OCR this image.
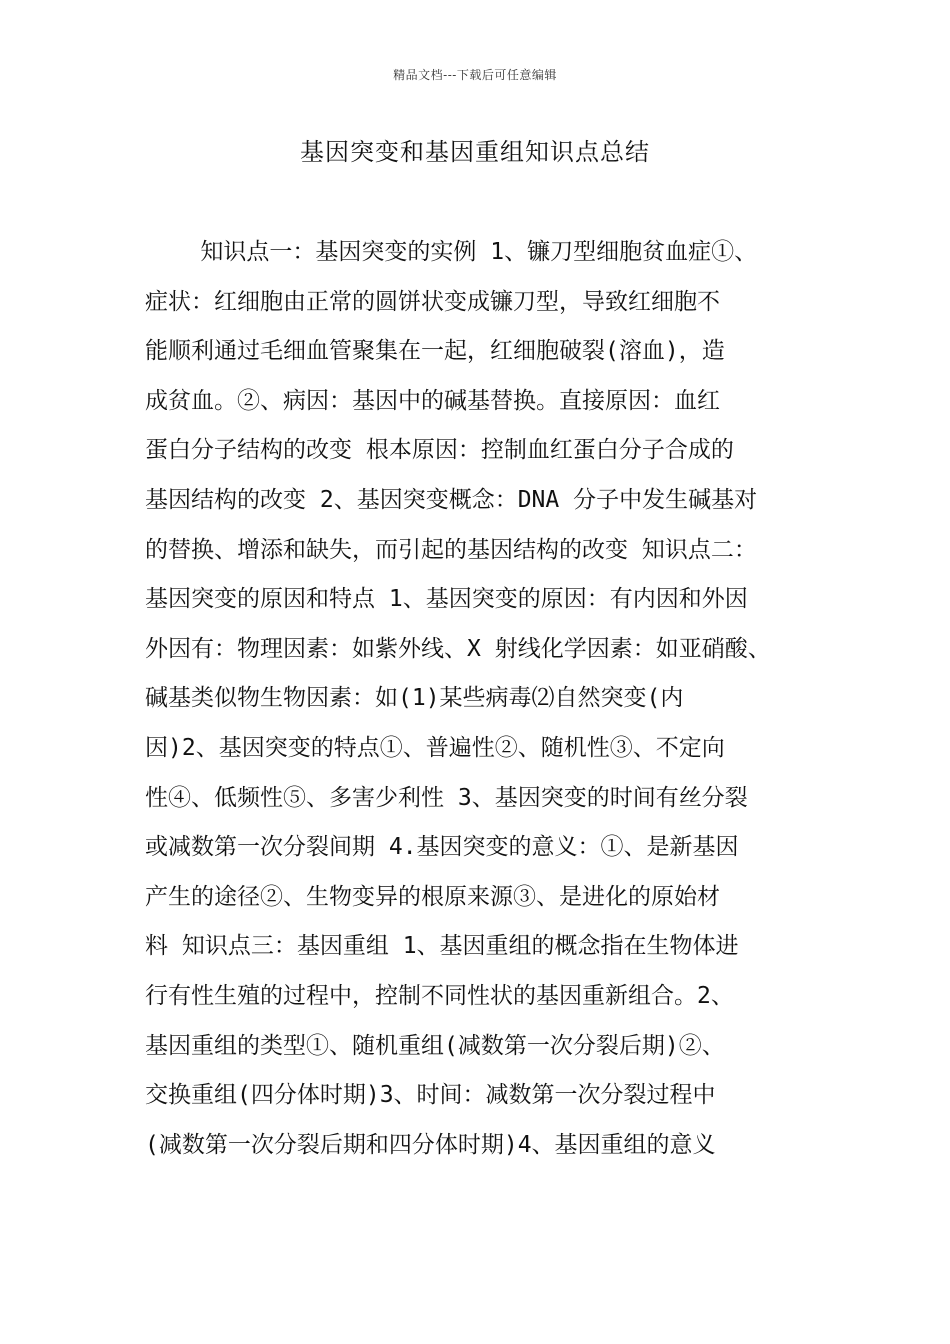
精品文档---下载后可任意编辑
基因突变和基因重组知识点总结
知识点一：基因突变的实例 1、镰刀型细胞贫血症①、
症状：红细胞由正常的圆饼状变成镰刀型，导致红细胞不
能顺利通过毛细血管聚集在一起，红细胞破裂(溶血)，造
成贫血。②、病因：基因中的碱基替换。直接原因：血红
蛋白分子结构的改变 根本原因：控制血红蛋白分子合成的
基因结构的改变 2、基因突变概念：DNA 分子中发生碱基对
的替换、增添和缺失，而引起的基因结构的改变 知识点二：
基因突变的原因和特点 1、基因突变的原因：有内因和外因
外因有：物理因素：如紫外线、X 射线化学因素：如亚硝酸、
碱基类似物生物因素：如(1)某些病毒⑵自然突变(内
因)2、基因突变的特点①、普遍性②、随机性③、不定向
性④、低频性⑤、多害少利性 3、基因突变的时间有丝分裂
或减数第一次分裂间期 4.基因突变的意义：①、是新基因
产生的途径②、生物变异的根原来源③、是进化的原始材
料 知识点三：基因重组 1、基因重组的概念指在生物体进
行有性生殖的过程中，控制不同性状的基因重新组合。2、
基因重组的类型①、随机重组(减数第一次分裂后期)②、
交换重组(四分体时期)3、时间：减数第一次分裂过程中
(减数第一次分裂后期和四分体时期)4、基因重组的意义
